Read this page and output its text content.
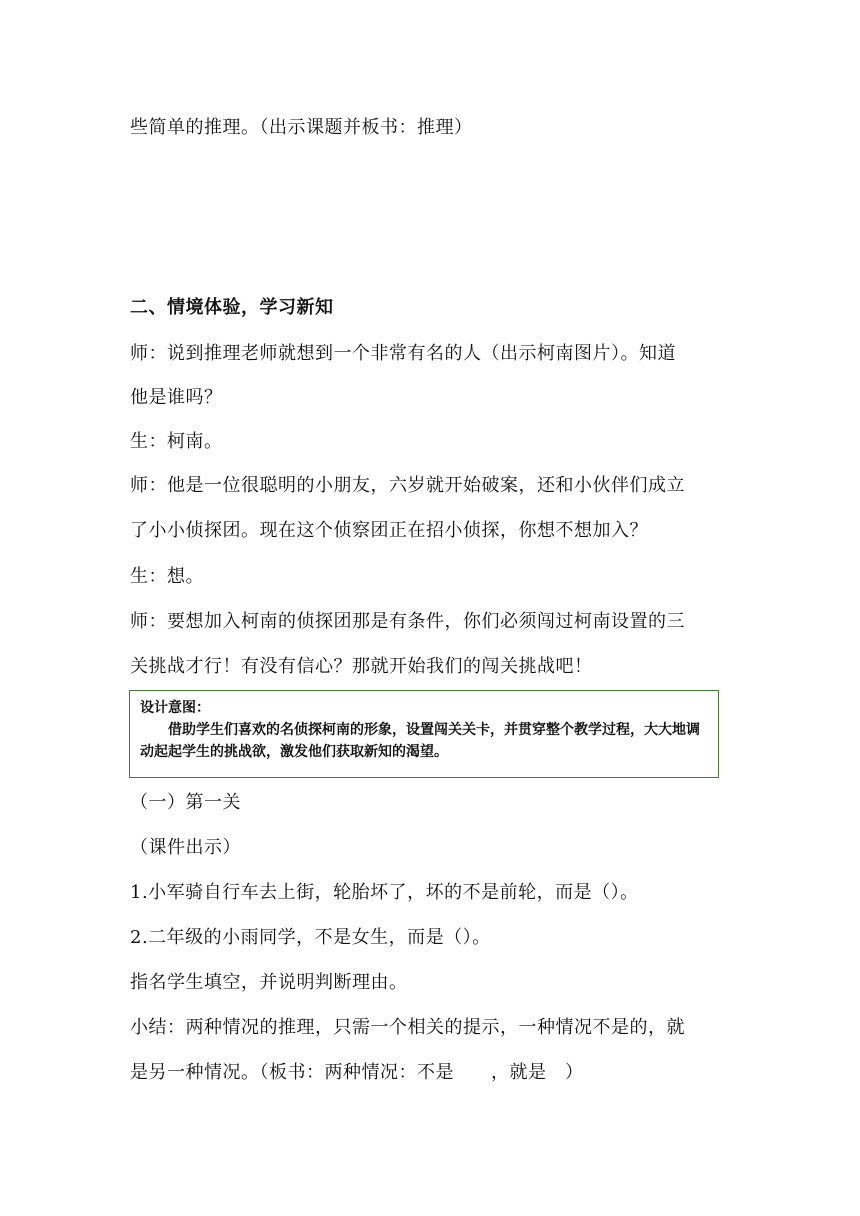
些简单的推理。（出示课题并板书：推理）
二、情境体验，学习新知
师：说到推理老师就想到一个非常有名的人（出示柯南图片）。知道
他是谁吗？
生：柯南。
师：他是一位很聪明的小朋友，六岁就开始破案，还和小伙伴们成立
了小小侦探团。现在这个侦察团正在招小侦探，你想不想加入？
生：想。
师：要想加入柯南的侦探团那是有条件，你们必须闯过柯南设置的三
关挑战才行！有没有信心？那就开始我们的闯关挑战吧！
设计意图：
借助学生们喜欢的名侦探柯南的形象，设置闯关关卡，并贯穿整个教学过程，大大地调动起起学生的挑战欲，激发他们获取新知的渴望。
（一）第一关
（课件出示）
1.小军骑自行车去上街，轮胎坏了，坏的不是前轮，而是（）。
2.二年级的小雨同学，不是女生，而是（）。
指名学生填空，并说明判断理由。
小结：两种情况的推理，只需一个相关的提示，一种情况不是的，就
是另一种情况。（板书：两种情况：不是　　，就是　）
